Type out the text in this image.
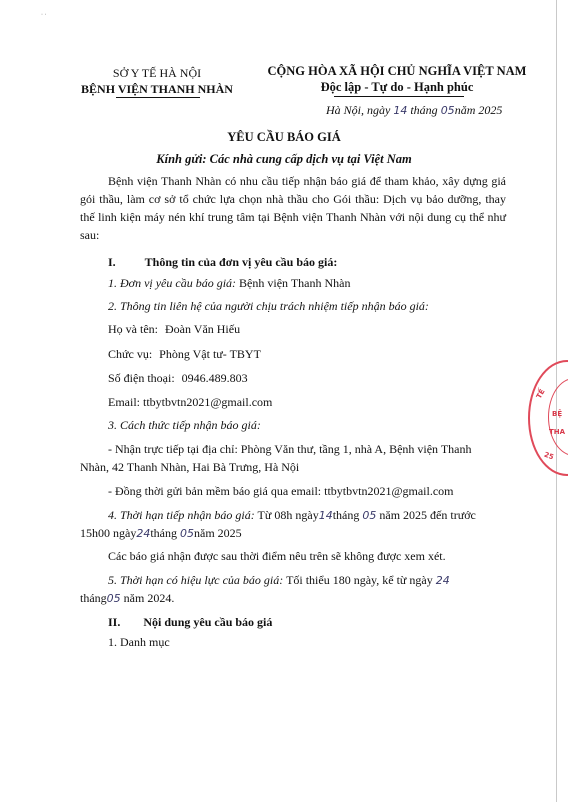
· ·
SỞ Y TẾ HÀ NỘI
BỆNH VIỆN THANH NHÀN
CỘNG HÒA XÃ HỘI CHỦ NGHĨA VIỆT NAM
Độc lập - Tự do - Hạnh phúc
Hà Nội, ngày 14 tháng 05năm 2025
YÊU CẦU BÁO GIÁ
Kính gửi: Các nhà cung cấp dịch vụ tại Việt Nam
Bệnh viện Thanh Nhàn có nhu cầu tiếp nhận báo giá để tham khảo, xây dựng giá gói thầu, làm cơ sở tổ chức lựa chọn nhà thầu cho Gói thầu: Dịch vụ bảo dưỡng, thay thế linh kiện máy nén khí trung tâm tại Bệnh viện Thanh Nhàn với nội dung cụ thể như sau:
I. Thông tin của đơn vị yêu cầu báo giá:
1. Đơn vị yêu cầu báo giá: Bệnh viện Thanh Nhàn
2. Thông tin liên hệ của người chịu trách nhiệm tiếp nhận báo giá:
Họ và tên: Đoàn Văn Hiếu
Chức vụ: Phòng Vật tư- TBYT
Số điện thoại: 0946.489.803
Email: ttbytbvtn2021@gmail.com
3. Cách thức tiếp nhận báo giá:
- Nhận trực tiếp tại địa chỉ: Phòng Văn thư, tầng 1, nhà A, Bệnh viện Thanh
Nhàn, 42 Thanh Nhàn, Hai Bà Trưng, Hà Nội
- Đồng thời gửi bản mềm báo giá qua email: ttbytbvtn2021@gmail.com
4. Thời hạn tiếp nhận báo giá: Từ 08h ngày14tháng 05 năm 2025 đến trước
15h00 ngày24tháng 05năm 2025
Các báo giá nhận được sau thời điểm nêu trên sẽ không được xem xét.
5. Thời hạn có hiệu lực của báo giá: Tối thiểu 180 ngày, kể từ ngày 24
tháng05 năm 2024.
II. Nội dung yêu cầu báo giá
1. Danh mục
TẾ
BỆ
THA
25
